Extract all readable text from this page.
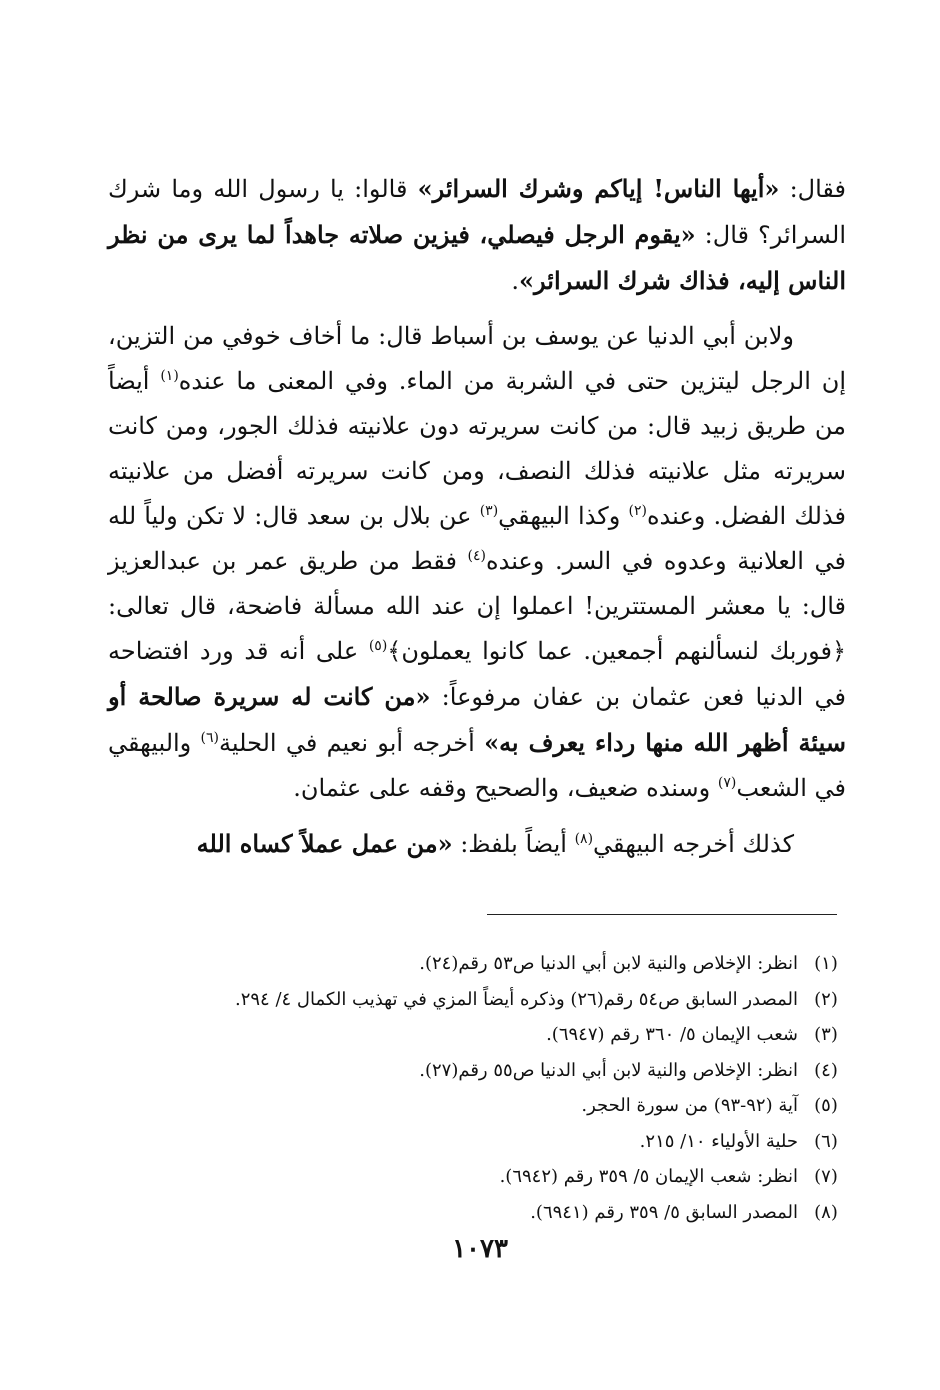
فقال: «أيها الناس! إياكم وشرك السرائر» قالوا: يا رسول الله وما شرك السرائر؟ قال: «يقوم الرجل فيصلي، فيزين صلاته جاهداً لما يرى من نظر الناس إليه، فذاك شرك السرائر».

ولابن أبي الدنيا عن يوسف بن أسباط قال: ما أخاف خوفي من التزين، إن الرجل ليتزين حتى في الشربة من الماء. وفي المعنى ما عنده$^{(١)}$ أيضاً من طريق زبيد قال: من كانت سريرته دون علانيته فذلك الجور، ومن كانت سريرته مثل علانيته فذلك النصف، ومن كانت سريرته أفضل من علانيته فذلك الفضل. وعنده$^{(٢)}$ وكذا البيهقي$^{(٣)}$ عن بلال بن سعد قال: لا تكن ولياً لله في العلانية وعدوه في السر. وعنده$^{(٤)}$ فقط من طريق عمر بن عبدالعزيز قال: يا معشر المستترين! اعملوا إن عند الله مسألة فاضحة، قال تعالى: ﴿فوربك لنسألنهم أجمعين. عما كانوا يعملون﴾$^{(٥)}$ على أنه قد ورد افتضاحه في الدنيا فعن عثمان بن عفان مرفوعاً: «من كانت له سريرة صالحة أو سيئة أظهر الله منها رداء يعرف به» أخرجه أبو نعيم في الحلية$^{(٦)}$ والبيهقي في الشعب$^{(٧)}$ وسنده ضعيف، والصحيح وقفه على عثمان.

كذلك أخرجه البيهقي$^{(٨)}$ أيضاً بلفظ: «من عمل عملاً كساه الله

(١)
انظر: الإخلاص والنية لابن أبي الدنيا ص٥٣ رقم(٢٤).
(٢)
المصدر السابق ص٥٤ رقم(٢٦) وذكره أيضاً المزي في تهذيب الكمال ٤/ ٢٩٤.
(٣)
شعب الإيمان ٥/ ٣٦٠ رقم (٦٩٤٧).
(٤)
انظر: الإخلاص والنية لابن أبي الدنيا ص٥٥ رقم(٢٧).
(٥)
آية (٩٢-٩٣) من سورة الحجر.
(٦)
حلية الأولياء ١٠/ ٢١٥.
(٧)
انظر: شعب الإيمان ٥/ ٣٥٩ رقم (٦٩٤٢).
(٨)
المصدر السابق ٥/ ٣٥٩ رقم (٦٩٤١).
١٠٧٣
